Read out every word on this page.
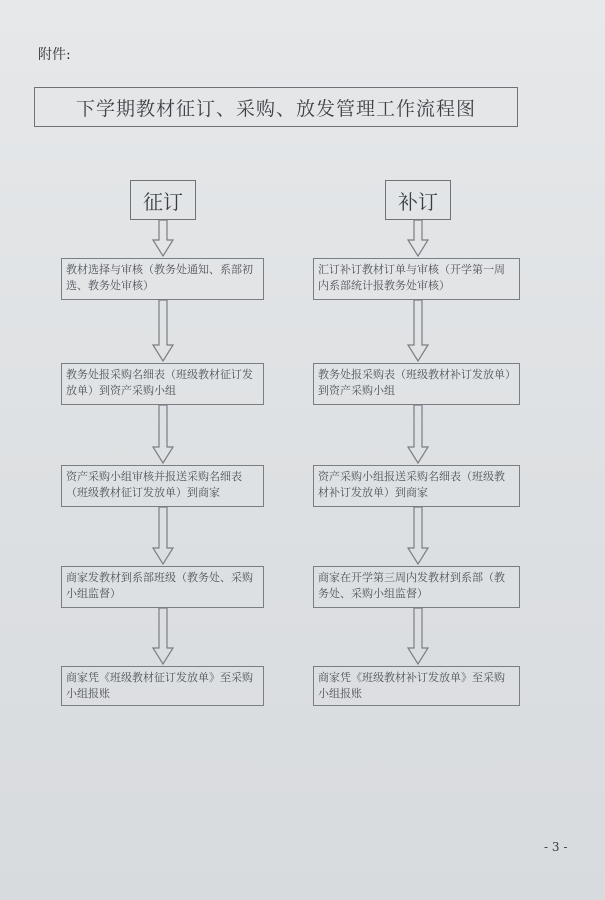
附件:
下学期教材征订、采购、放发管理工作流程图
征订	补订
教材选择与审核（教务处通知、系部初选、教务处审核）
教务处报采购名细表（班级教材征订发放单）到资产采购小组
资产采购小组审核并报送采购名细表（班级教材征订发放单）到商家
商家发教材到系部班级（教务处、采购小组监督）
商家凭《班级教材征订发放单》至采购小组报账
汇订补订教材订单与审核（开学第一周内系部统计报教务处审核）
教务处报采购表（班级教材补订发放单）到资产采购小组
资产采购小组报送采购名细表（班级教材补订发放单）到商家
商家在开学第三周内发教材到系部（教务处、采购小组监督）
商家凭《班级教材补订发放单》至采购小组报账
- 3 -
